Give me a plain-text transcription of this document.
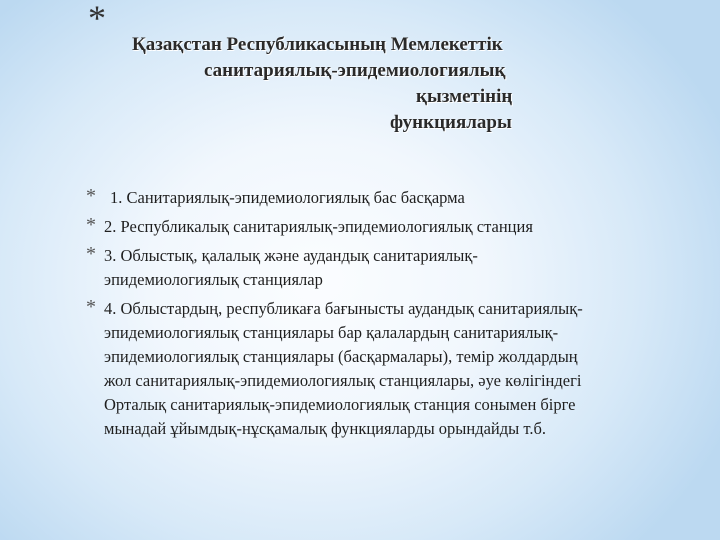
*
Қазақстан Республикасының Мемлекеттік
санитариялық-эпидемиологиялық
қызметінің
функциялары
* 1. Санитариялық-эпидемиологиялық бас басқарма
* 2. Республикалық санитариялық-эпидемиологиялық станция
* 3. Облыстық, қалалық және аудандық санитариялық-эпидемиологиялық станциялар
* 4. Облыстардың, республикаға бағынысты аудандық санитариялық-эпидемиологиялық станциялары бар қалалардың санитариялық-эпидемиологиялық станциялары (басқармалары), темір жолдардың жол санитариялық-эпидемиологиялық станциялары, әуе көлігіндегі Орталық санитариялық-эпидемиологиялық станция сонымен бірге мынадай ұйымдық-нұсқамалық функцияларды орындайды т.б.
